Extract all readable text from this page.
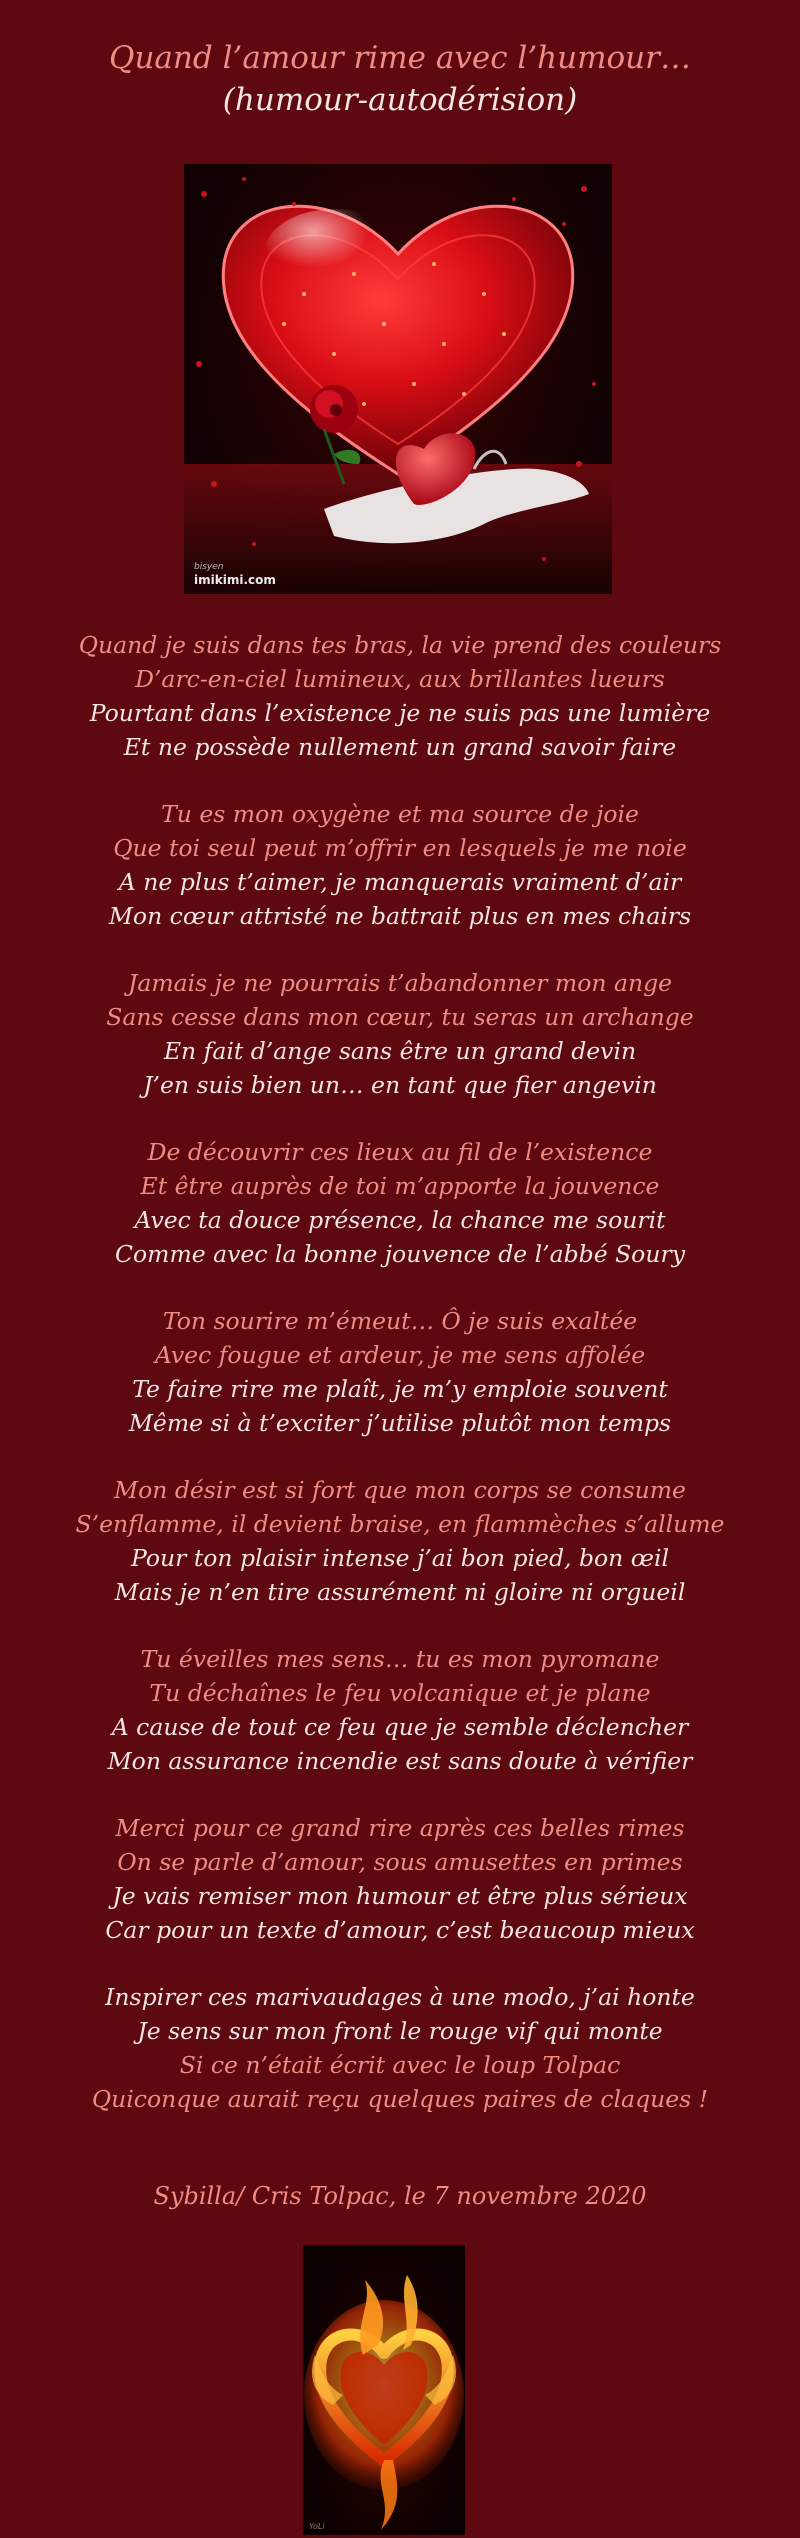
Quand l’amour rime avec l’humour…
(humour-autodérision)
bisyen
imikimi.com
Quand je suis dans tes bras, la vie prend des couleurs
D’arc-en-ciel lumineux, aux brillantes lueurs
Pourtant dans l’existence je ne suis pas une lumière
Et ne possède nullement un grand savoir faire
Tu es mon oxygène et ma source de joie
Que toi seul peut m’offrir en lesquels je me noie
A ne plus t’aimer, je manquerais vraiment d’air
Mon cœur attristé ne battrait plus en mes chairs
Jamais je ne pourrais t’abandonner mon ange
Sans cesse dans mon cœur, tu seras un archange
En fait d’ange sans être un grand devin
J’en suis bien un… en tant que fier angevin
De découvrir ces lieux au fil de l’existence
Et être auprès de toi m’apporte la jouvence
Avec ta douce présence, la chance me sourit
Comme avec la bonne jouvence de l’abbé Soury
Ton sourire m’émeut… Ô je suis exaltée
Avec fougue et ardeur, je me sens affolée
Te faire rire me plaît, je m’y emploie souvent
Même si à t’exciter j’utilise plutôt mon temps
Mon désir est si fort que mon corps se consume
S’enflamme, il devient braise, en flammèches s’allume
Pour ton plaisir intense j’ai bon pied, bon œil
Mais je n’en tire assurément ni gloire ni orgueil
Tu éveilles mes sens… tu es mon pyromane
Tu déchaînes le feu volcanique et je plane
A cause de tout ce feu que je semble déclencher
Mon assurance incendie est sans doute à vérifier
Merci pour ce grand rire après ces belles rimes
On se parle d’amour, sous amusettes en primes
Je vais remiser mon humour et être plus sérieux
Car pour un texte d’amour, c’est beaucoup mieux
Inspirer ces marivaudages à une modo, j’ai honte
Je sens sur mon front le rouge vif qui monte
Si ce n’était écrit avec le loup Tolpac
Quiconque aurait reçu quelques paires de claques !
Sybilla/ Cris Tolpac, le 7 novembre 2020
YoLi
